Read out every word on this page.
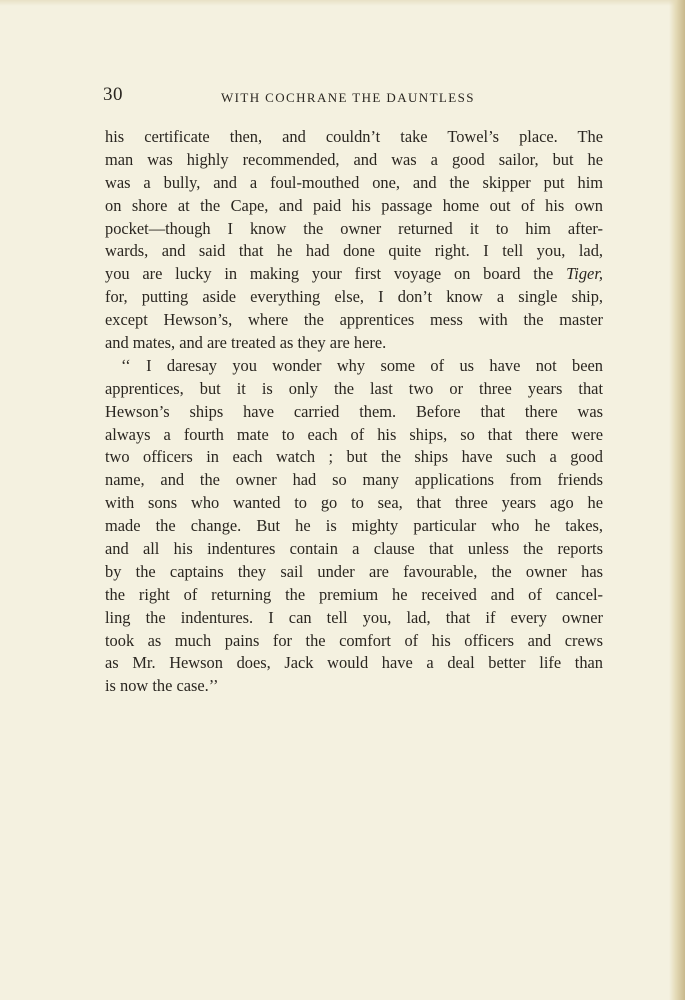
30	WITH COCHRANE THE DAUNTLESS
his certificate then, and couldn’t take Towel’s place. The
man was highly recommended, and was a good sailor, but he
was a bully, and a foul-mouthed one, and the skipper put him
on shore at the Cape, and paid his passage home out of his own
pocket—though I know the owner returned it to him after-
wards, and said that he had done quite right. I tell you, lad,
you are lucky in making your first voyage on board the Tiger,
for, putting aside everything else, I don’t know a single ship,
except Hewson’s, where the apprentices mess with the master
and mates, and are treated as they are here.
‘‘ I daresay you wonder why some of us have not been
apprentices, but it is only the last two or three years that
Hewson’s ships have carried them. Before that there was
always a fourth mate to each of his ships, so that there were
two officers in each watch ; but the ships have such a good
name, and the owner had so many applications from friends
with sons who wanted to go to sea, that three years ago he
made the change. But he is mighty particular who he takes,
and all his indentures contain a clause that unless the reports
by the captains they sail under are favourable, the owner has
the right of returning the premium he received and of cancel-
ling the indentures. I can tell you, lad, that if every owner
took as much pains for the comfort of his officers and crews
as Mr. Hewson does, Jack would have a deal better life than
is now the case.’’
